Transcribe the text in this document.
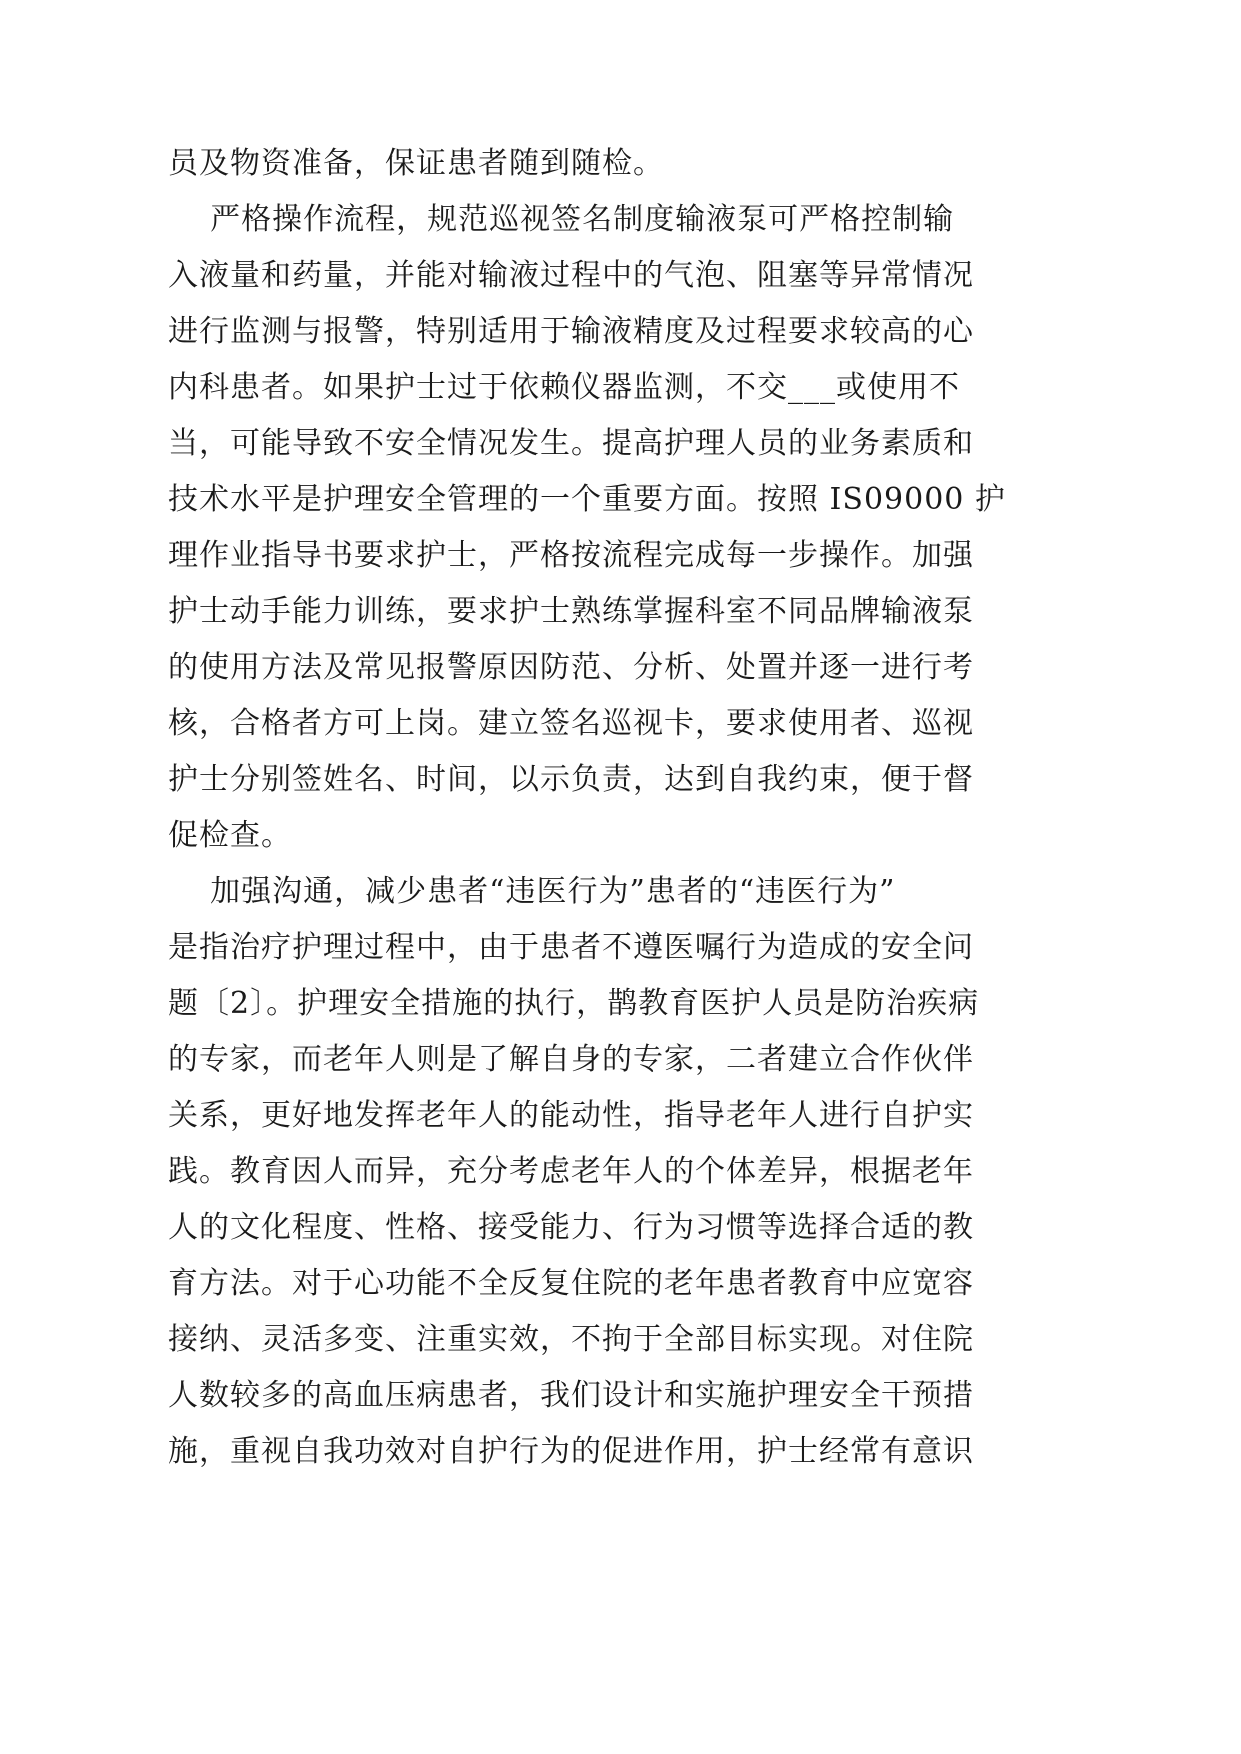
员及物资准备，保证患者随到随检。
严格操作流程，规范巡视签名制度输液泵可严格控制输
入液量和药量，并能对输液过程中的气泡、阻塞等异常情况
进行监测与报警，特别适用于输液精度及过程要求较高的心
内科患者。如果护士过于依赖仪器监测，不交___或使用不
当，可能导致不安全情况发生。提高护理人员的业务素质和
技术水平是护理安全管理的一个重要方面。按照 IS09000 护
理作业指导书要求护士，严格按流程完成每一步操作。加强
护士动手能力训练，要求护士熟练掌握科室不同品牌输液泵
的使用方法及常见报警原因防范、分析、处置并逐一进行考
核，合格者方可上岗。建立签名巡视卡，要求使用者、巡视
护士分别签姓名、时间，以示负责，达到自我约束，便于督
促检查。
加强沟通，减少患者“违医行为”患者的“违医行为”
是指治疗护理过程中，由于患者不遵医嘱行为造成的安全问
题〔2〕。护理安全措施的执行，鹊教育医护人员是防治疾病
的专家，而老年人则是了解自身的专家，二者建立合作伙伴
关系，更好地发挥老年人的能动性，指导老年人进行自护实
践。教育因人而异，充分考虑老年人的个体差异，根据老年
人的文化程度、性格、接受能力、行为习惯等选择合适的教
育方法。对于心功能不全反复住院的老年患者教育中应宽容
接纳、灵活多变、注重实效，不拘于全部目标实现。对住院
人数较多的高血压病患者，我们设计和实施护理安全干预措
施，重视自我功效对自护行为的促进作用，护士经常有意识
